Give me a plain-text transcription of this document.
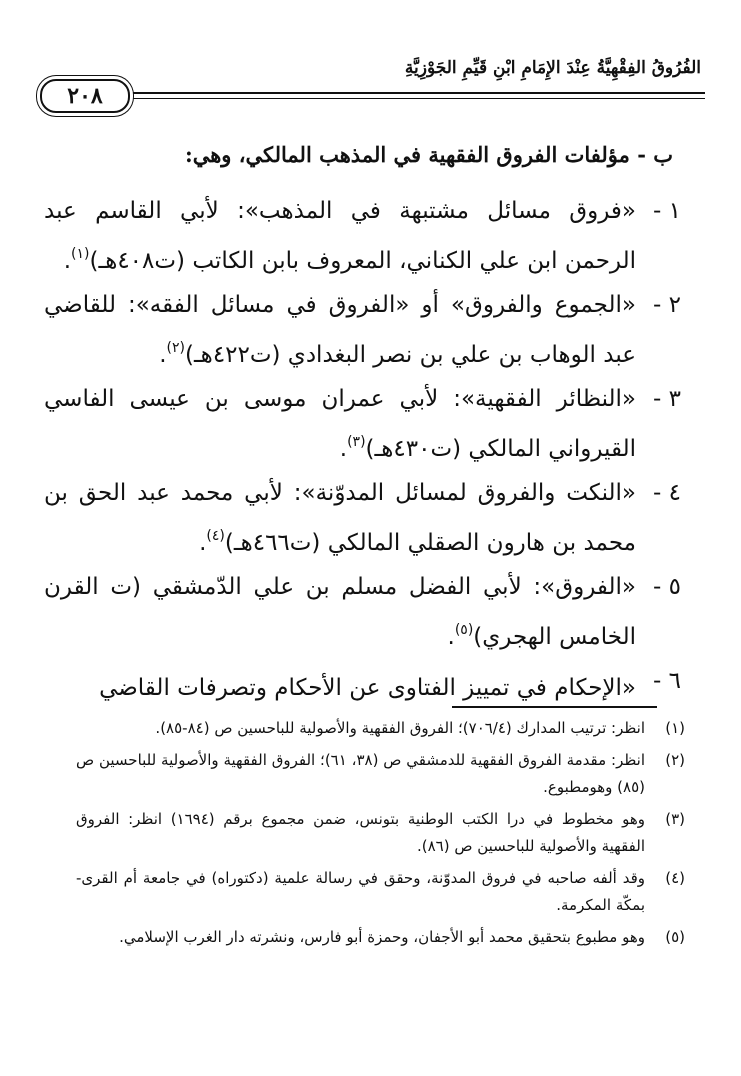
٢٠٨
الفُرُوقُ الفِقْهِيَّةُ عِنْدَ الإِمَامِ ابْنِ قَيِّمِ الجَوْزِيَّةِ
ب - مؤلفات الفروق الفقهية في المذهب المالكي، وهي:
١ -
«فروق مسائل مشتبهة في المذهب»: لأبي القاسم عبد الرحمن ابن علي الكناني، المعروف بابن الكاتب (ت٤٠٨هـ)$^{(١)}$.
٢ -
«الجموع والفروق» أو «الفروق في مسائل الفقه»: للقاضي عبد الوهاب بن علي بن نصر البغدادي (ت٤٢٢هـ)$^{(٢)}$.
٣ -
«النظائر الفقهية»: لأبي عمران موسى بن عيسى الفاسي القيرواني المالكي (ت٤٣٠هـ)$^{(٣)}$.
٤ -
«النكت والفروق لمسائل المدوّنة»: لأبي محمد عبد الحق بن محمد بن هارون الصقلي المالكي (ت٤٦٦هـ)$^{(٤)}$.
٥ -
«الفروق»: لأبي الفضل مسلم بن علي الدّمشقي (ت القرن الخامس الهجري)$^{(٥)}$.
٦ -
«الإحكام في تمييز الفتاوى عن الأحكام وتصرفات القاضي
(١)
انظر: ترتيب المدارك (٧٠٦/٤)؛ الفروق الفقهية والأصولية للباحسين ص (٨٤-٨٥).
(٢)
انظر: مقدمة الفروق الفقهية للدمشقي ص (٣٨، ٦١)؛ الفروق الفقهية والأصولية للباحسين ص (٨٥) وهومطبوع.
(٣)
وهو مخطوط في درا الكتب الوطنية بتونس، ضمن مجموع برقم (١٦٩٤) انظر: الفروق الفقهية والأصولية للباحسين ص (٨٦).
(٤)
وقد ألفه صاحبه في فروق المدوّنة، وحقق في رسالة علمية (دكتوراه) في جامعة أم القرى-بمكّة المكرمة.
(٥)
وهو مطبوع بتحقيق محمد أبو الأجفان، وحمزة أبو فارس، ونشرته دار الغرب الإسلامي.
